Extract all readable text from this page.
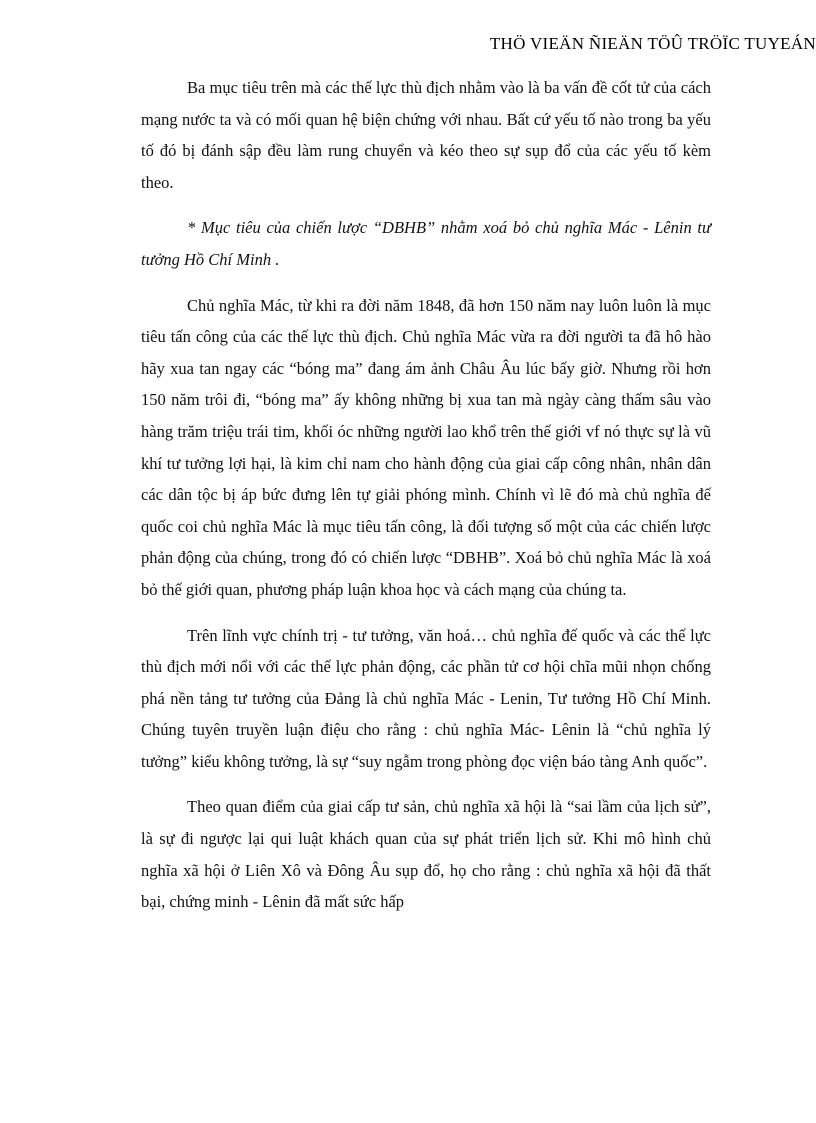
THÖ VIEÄN ÑIEÄN TÖÛ TRÖÏC TUYEÁN

Ba mục tiêu trên mà các thế lực thù địch nhằm vào là ba vấn đề cốt tử của cách mạng nước ta và có mối quan hệ biện chứng với nhau. Bất cứ yếu tố nào trong ba yếu tố đó bị đánh sập đều làm rung chuyển và kéo theo sự sụp đổ của các yếu tố kèm theo.

* Mục tiêu của chiến lược “DBHB” nhằm xoá bỏ chủ nghĩa Mác - Lênin tư tưởng Hồ Chí Minh .

Chủ nghĩa Mác, từ khi ra đời năm 1848, đã hơn 150 năm nay luôn luôn là mục tiêu tấn công của các thế lực thù địch. Chủ nghĩa Mác vừa ra đời người ta đã hô hào hãy xua tan ngay các “bóng ma” đang ám ảnh Châu Âu lúc bấy giờ. Nhưng rồi hơn 150 năm trôi đi, “bóng ma” ấy không những bị xua tan mà ngày càng thấm sâu vào hàng trăm triệu trái tim, khối óc những người lao khổ trên thế giới vf nó thực sự là vũ khí tư tưởng lợi hại, là kim chỉ nam cho hành động của giai cấp công nhân, nhân dân các dân tộc bị áp bức đưng lên tự giải phóng mình. Chính vì lẽ đó mà chủ nghĩa đế quốc coi chủ nghĩa Mác là mục tiêu tấn công, là đối tượng số một của các chiến lược phản động của chúng, trong đó có chiến lược “DBHB”. Xoá bỏ chủ nghĩa Mác là xoá bỏ thế giới quan, phương pháp luận khoa học và cách mạng của chúng ta.

Trên lĩnh vực chính trị - tư tưởng, văn hoá… chủ nghĩa đế quốc và các thế lực thù địch mới nổi với các thế lực phản động, các phần tử cơ hội chĩa mũi nhọn chống phá nền tảng tư tưởng của Đảng là chủ nghĩa Mác - Lenin, Tư tưởng Hồ Chí Minh. Chúng tuyên truyền luận điệu cho rằng : chủ nghĩa Mác- Lênin là “chủ nghĩa lý tưởng” kiểu không tưởng, là sự “suy ngẫm trong phòng đọc viện báo tàng Anh quốc”.

Theo quan điểm của giai cấp tư sản, chủ nghĩa xã hội là “sai lầm của lịch sử”, là sự đi ngược lại qui luật khách quan của sự phát triển lịch sử. Khi mô hình chủ nghĩa xã hội ở Liên Xô và Đông Âu sụp đổ, họ cho rằng : chủ nghĩa xã hội đã thất bại, chứng minh - Lênin đã mất sức hấp
